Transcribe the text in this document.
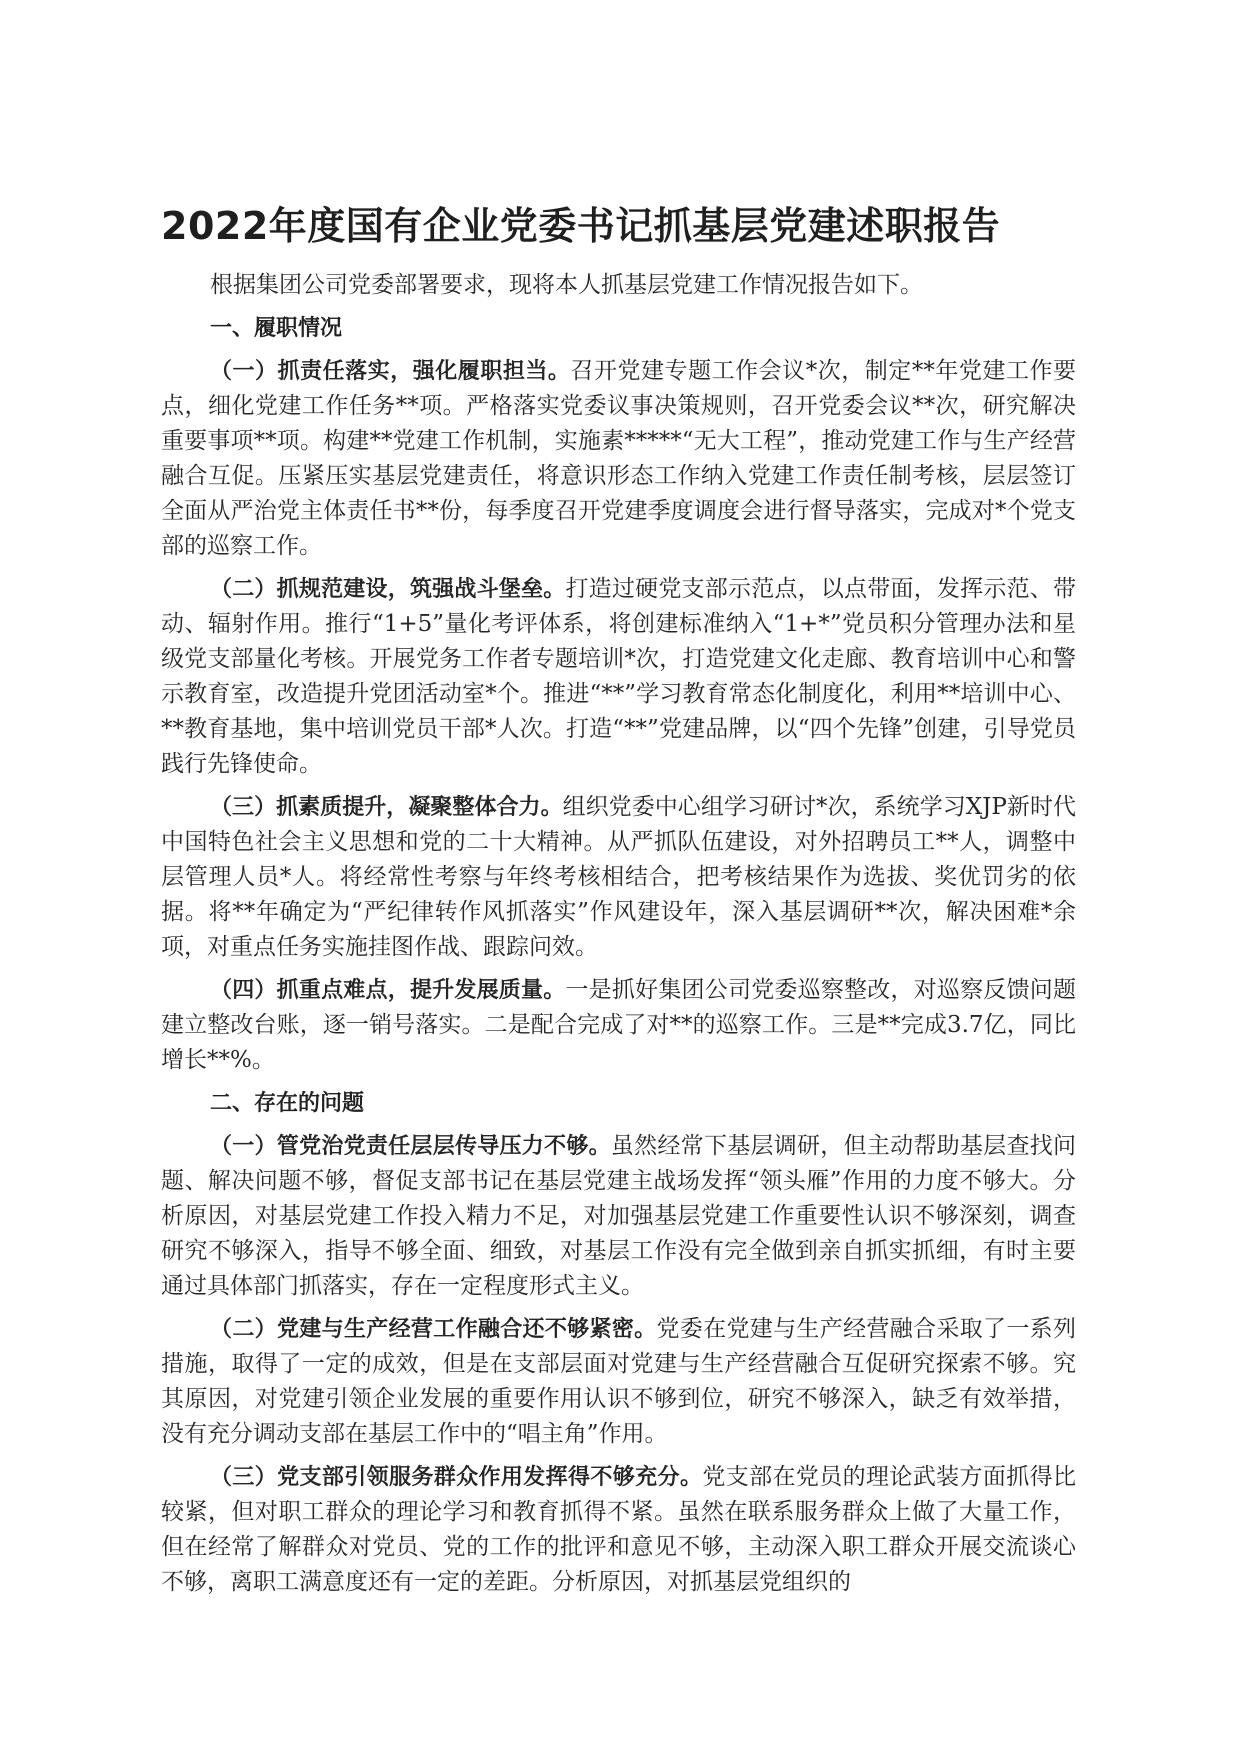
2022年度国有企业党委书记抓基层党建述职报告

根据集团公司党委部署要求，现将本人抓基层党建工作情况报告如下。

一、履职情况

（一）抓责任落实，强化履职担当。召开党建专题工作会议*次，制定**年党建工作要点，细化党建工作任务**项。严格落实党委议事决策规则，召开党委会议**次，研究解决重要事项**项。构建**党建工作机制，实施素*****“无大工程”，推动党建工作与生产经营融合互促。压紧压实基层党建责任，将意识形态工作纳入党建工作责任制考核，层层签订全面从严治党主体责任书**份，每季度召开党建季度调度会进行督导落实，完成对*个党支部的巡察工作。

（二）抓规范建设，筑强战斗堡垒。打造过硬党支部示范点，以点带面，发挥示范、带动、辐射作用。推行“1+5”量化考评体系，将创建标准纳入“1+*”党员积分管理办法和星级党支部量化考核。开展党务工作者专题培训*次，打造党建文化走廊、教育培训中心和警示教育室，改造提升党团活动室*个。推进“**”学习教育常态化制度化，利用**培训中心、**教育基地，集中培训党员干部*人次。打造“**”党建品牌，以“四个先锋”创建，引导党员践行先锋使命。

（三）抓素质提升，凝聚整体合力。组织党委中心组学习研讨*次，系统学习XJP新时代中国特色社会主义思想和党的二十大精神。从严抓队伍建设，对外招聘员工**人，调整中层管理人员*人。将经常性考察与年终考核相结合，把考核结果作为选拔、奖优罚劣的依据。将**年确定为“严纪律转作风抓落实”作风建设年，深入基层调研**次，解决困难*余项，对重点任务实施挂图作战、跟踪问效。

（四）抓重点难点，提升发展质量。一是抓好集团公司党委巡察整改，对巡察反馈问题建立整改台账，逐一销号落实。二是配合完成了对**的巡察工作。三是**完成3.7亿，同比增长**%。

二、存在的问题

（一）管党治党责任层层传导压力不够。虽然经常下基层调研，但主动帮助基层查找问题、解决问题不够，督促支部书记在基层党建主战场发挥“领头雁”作用的力度不够大。分析原因，对基层党建工作投入精力不足，对加强基层党建工作重要性认识不够深刻，调查研究不够深入，指导不够全面、细致，对基层工作没有完全做到亲自抓实抓细，有时主要通过具体部门抓落实，存在一定程度形式主义。

（二）党建与生产经营工作融合还不够紧密。党委在党建与生产经营融合采取了一系列措施，取得了一定的成效，但是在支部层面对党建与生产经营融合互促研究探索不够。究其原因，对党建引领企业发展的重要作用认识不够到位，研究不够深入，缺乏有效举措，没有充分调动支部在基层工作中的“唱主角”作用。

（三）党支部引领服务群众作用发挥得不够充分。党支部在党员的理论武装方面抓得比较紧，但对职工群众的理论学习和教育抓得不紧。虽然在联系服务群众上做了大量工作，但在经常了解群众对党员、党的工作的批评和意见不够，主动深入职工群众开展交流谈心不够，离职工满意度还有一定的差距。分析原因，对抓基层党组织的
